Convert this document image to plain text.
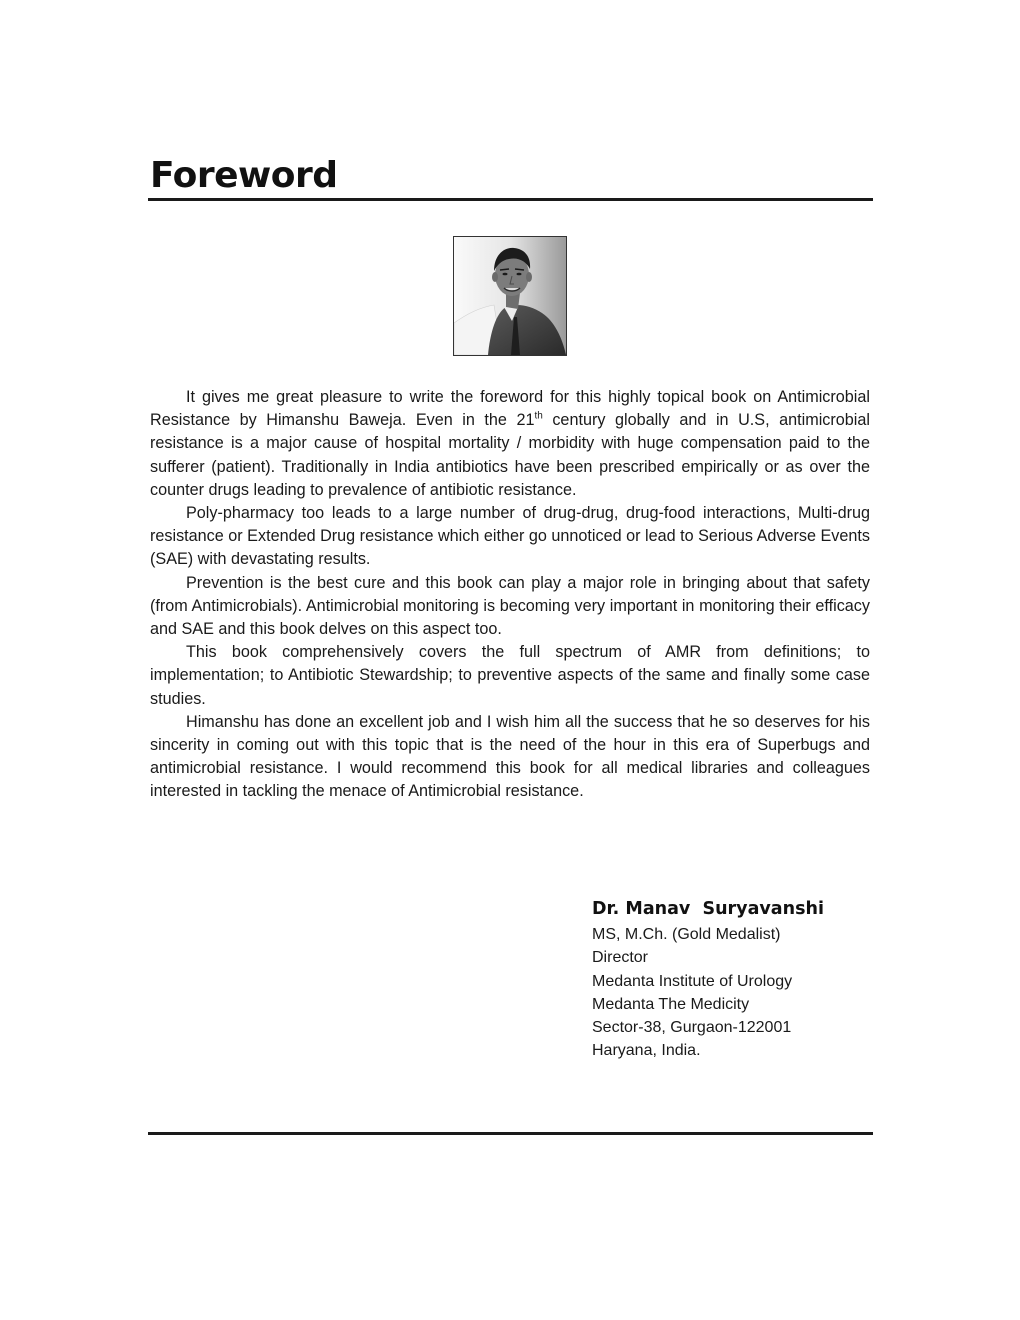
Foreword

It gives me great pleasure to write the foreword for this highly topical book on Antimicrobial Resistance by Himanshu Baweja. Even in the 21th century globally and in U.S, antimicrobial resistance is a major cause of hospital mortality / morbidity with huge compensation paid to the sufferer (patient). Traditionally in India antibiotics have been prescribed empirically or as over the counter drugs leading to prevalence of antibiotic resistance.

Poly-pharmacy too leads to a large number of drug-drug, drug-food interactions, Multi-drug resistance or Extended Drug resistance which either go unnoticed or lead to Serious Adverse Events (SAE) with devastating results.

Prevention is the best cure and this book can play a major role in bringing about that safety (from Antimicrobials). Antimicrobial monitoring is becoming very important in monitoring their efficacy and SAE and this book delves on this aspect too.

This book comprehensively covers the full spectrum of AMR from definitions; to implementation; to Antibiotic Stewardship; to preventive aspects of the same and finally some case studies.

Himanshu has done an excellent job and I wish him all the success that he so deserves for his sincerity in coming out with this topic that is the need of the hour in this era of Superbugs and antimicrobial resistance. I would recommend this book for all medical libraries and colleagues interested in tackling the menace of Antimicrobial resistance.

Dr. Manav  Suryavanshi
MS, M.Ch. (Gold Medalist)
Director
Medanta Institute of Urology
Medanta The Medicity
Sector-38, Gurgaon-122001
Haryana, India.
